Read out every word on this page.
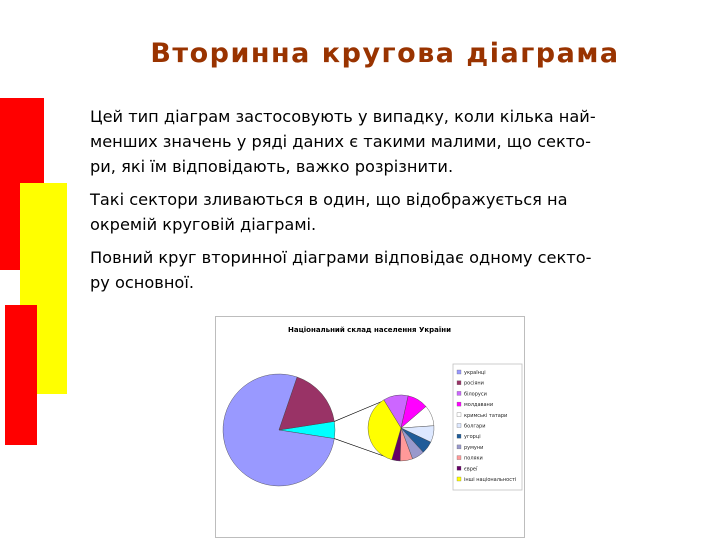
Вторинна кругова діаграма

Цей тип діаграм застосовують у випадку, коли кілька най-
менших значень у ряді даних є такими малими, що секто-
ри, які їм відповідають, важко розрізнити.

Такі сектори зливаються в один, що відображується на
окремій круговій діаграмі.

Повний круг вторинної діаграми відповідає одному секто-
ру основної.

Національний склад населення України
українці
росіяни
білоруси
молдавани
кримські татари
болгари
угорці
румуни
поляки
євреї
інші національності
